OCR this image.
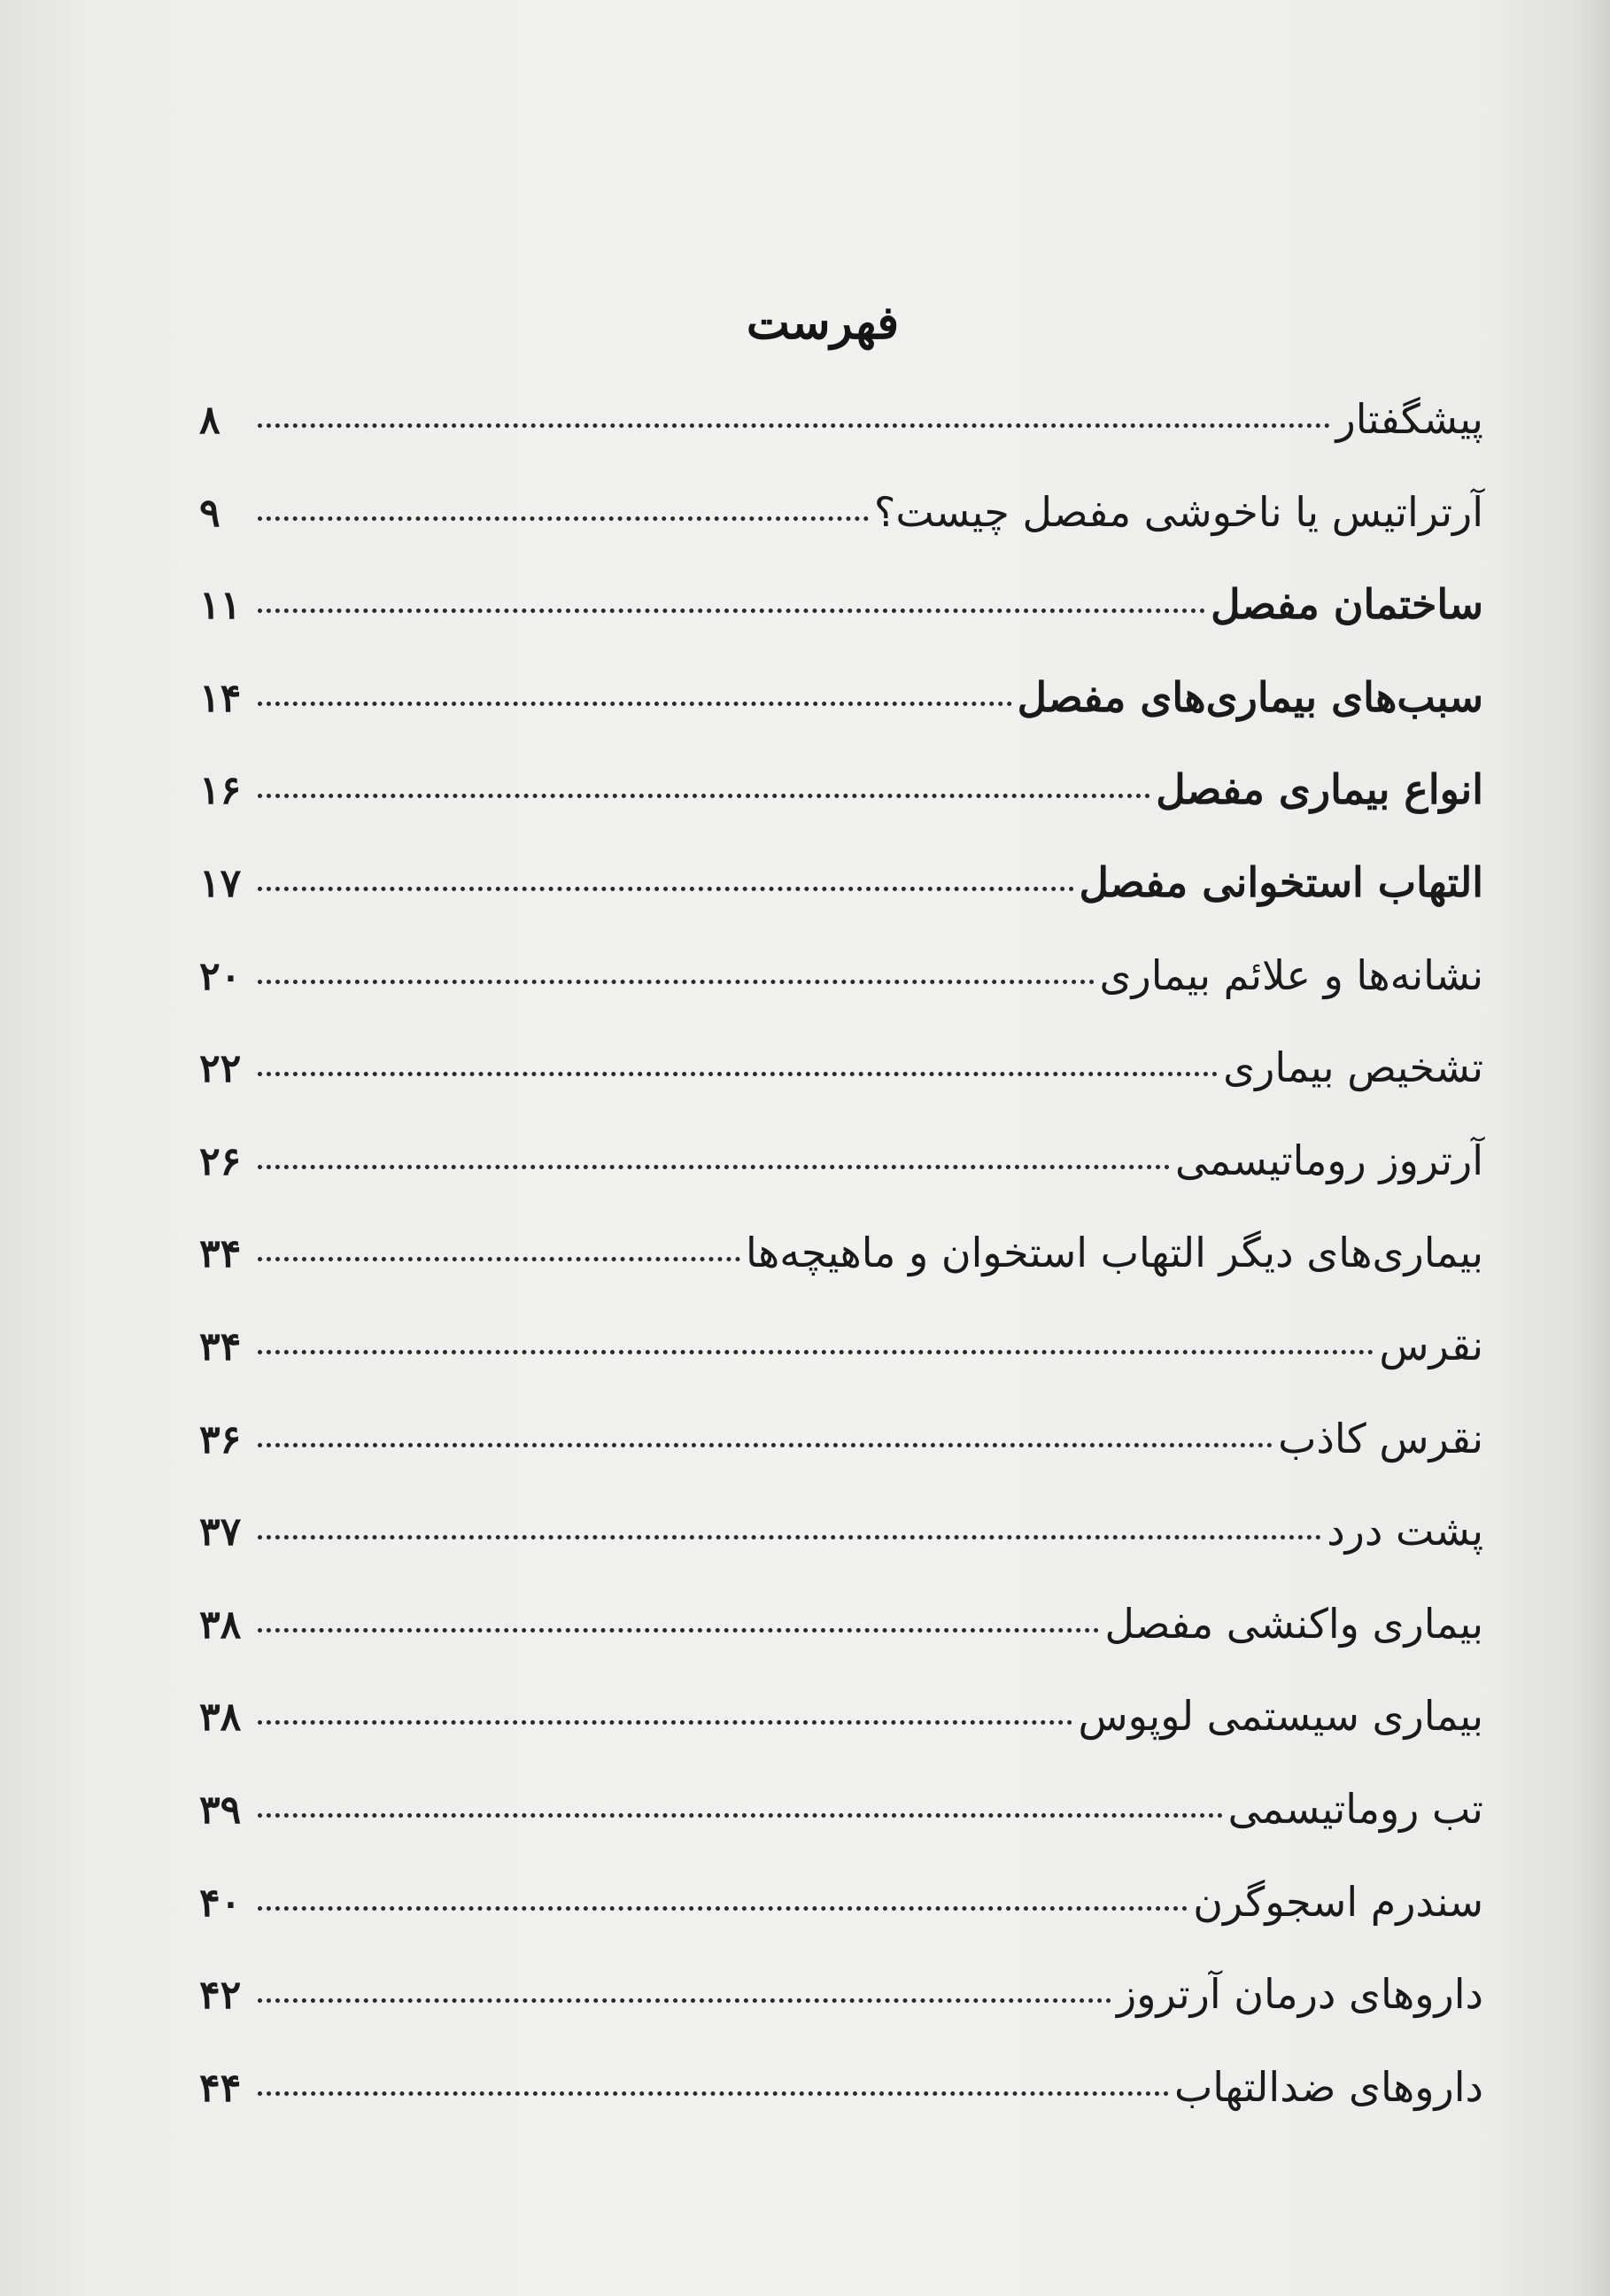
فهرست
پیشگفتار
۸
آرتراتیس یا ناخوشی مفصل چیست؟
۹
ساختمان مفصل
۱۱
سبب‌های بیماری‌های مفصل
۱۴
انواع بیماری مفصل
۱۶
التهاب استخوانی مفصل
۱۷
نشانه‌ها و علائم بیماری
۲۰
تشخیص بیماری
۲۲
آرتروز روماتیسمی
۲۶
بیماری‌های دیگر التهاب استخوان و ماهیچه‌ها
۳۴
نقرس
۳۴
نقرس کاذب
۳۶
پشت درد
۳۷
بیماری واکنشی مفصل
۳۸
بیماری سیستمی لوپوس
۳۸
تب روماتیسمی
۳۹
سندرم اسجوگرن
۴۰
داروهای درمان آرتروز
۴۲
داروهای ضدالتهاب
۴۴
